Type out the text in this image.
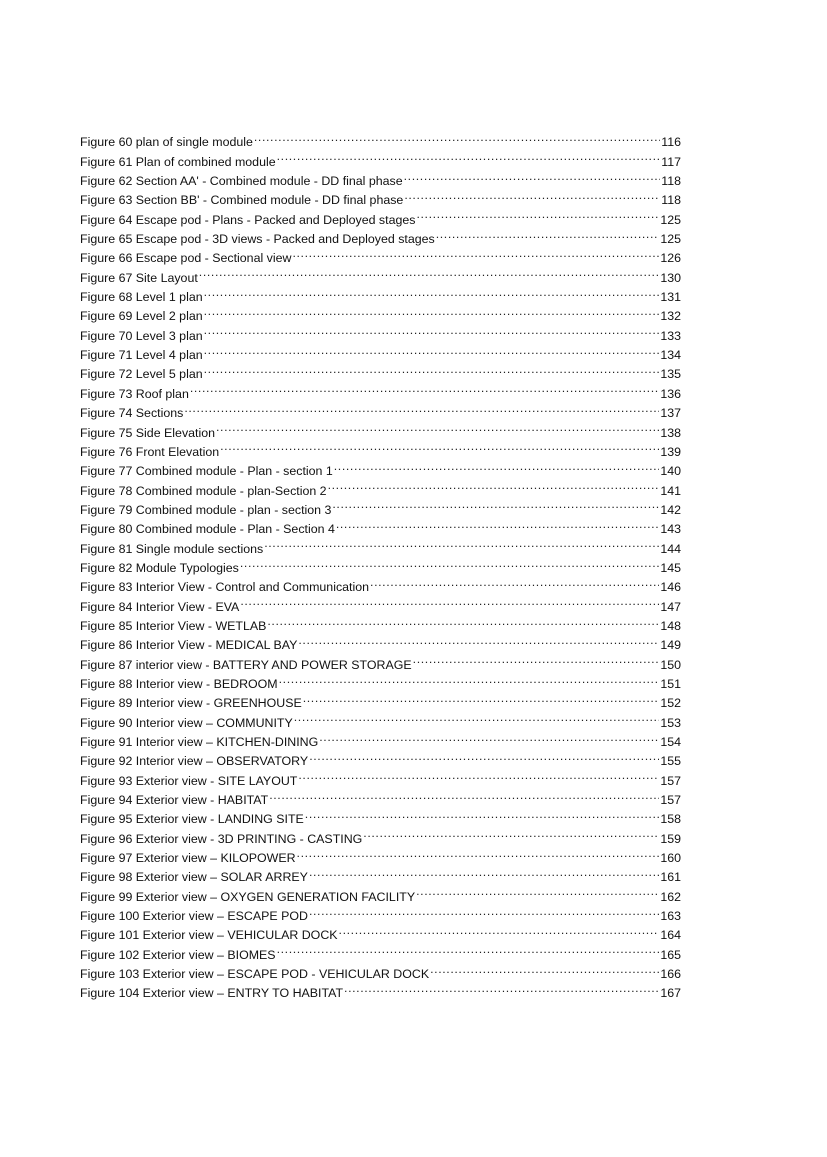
Figure 60 plan of single module .....	116
Figure 61 Plan of combined module .....	117
Figure 62 Section AA' - Combined module - DD final phase .....	118
Figure 63 Section BB' - Combined module - DD final phase .....	118
Figure 64 Escape pod - Plans - Packed and Deployed stages .....	125
Figure 65 Escape pod - 3D views - Packed and Deployed stages .....	125
Figure 66 Escape pod - Sectional view .....	126
Figure 67 Site Layout .....	130
Figure 68 Level 1 plan .....	131
Figure 69 Level 2 plan .....	132
Figure 70 Level 3 plan .....	133
Figure 71 Level 4 plan .....	134
Figure 72 Level 5 plan .....	135
Figure 73 Roof plan .....	136
Figure 74 Sections .....	137
Figure 75 Side Elevation .....	138
Figure 76 Front Elevation .....	139
Figure 77 Combined module - Plan - section 1 .....	140
Figure 78 Combined module - plan-Section 2 .....	141
Figure 79 Combined module - plan - section 3 .....	142
Figure 80 Combined module - Plan - Section 4 .....	143
Figure 81 Single module sections .....	144
Figure 82 Module Typologies .....	145
Figure 83 Interior View - Control and Communication .....	146
Figure 84 Interior View - EVA .....	147
Figure 85 Interior View - WETLAB .....	148
Figure 86 Interior View - MEDICAL BAY .....	149
Figure 87 interior view - BATTERY AND POWER STORAGE .....	150
Figure 88 Interior view - BEDROOM .....	151
Figure 89 Interior view - GREENHOUSE .....	152
Figure 90 Interior view – COMMUNITY .....	153
Figure 91 Interior view – KITCHEN-DINING .....	154
Figure 92 Interior view – OBSERVATORY .....	155
Figure 93 Exterior view - SITE LAYOUT .....	157
Figure 94 Exterior view - HABITAT .....	157
Figure 95 Exterior view - LANDING SITE .....	158
Figure 96 Exterior view - 3D PRINTING - CASTING .....	159
Figure 97 Exterior view – KILOPOWER .....	160
Figure 98 Exterior view – SOLAR ARREY .....	161
Figure 99 Exterior view – OXYGEN GENERATION FACILITY .....	162
Figure 100 Exterior view – ESCAPE POD .....	163
Figure 101 Exterior view – VEHICULAR DOCK .....	164
Figure 102 Exterior view – BIOMES .....	165
Figure 103 Exterior view – ESCAPE POD - VEHICULAR DOCK .....	166
Figure 104 Exterior view – ENTRY TO HABITAT .....	167
